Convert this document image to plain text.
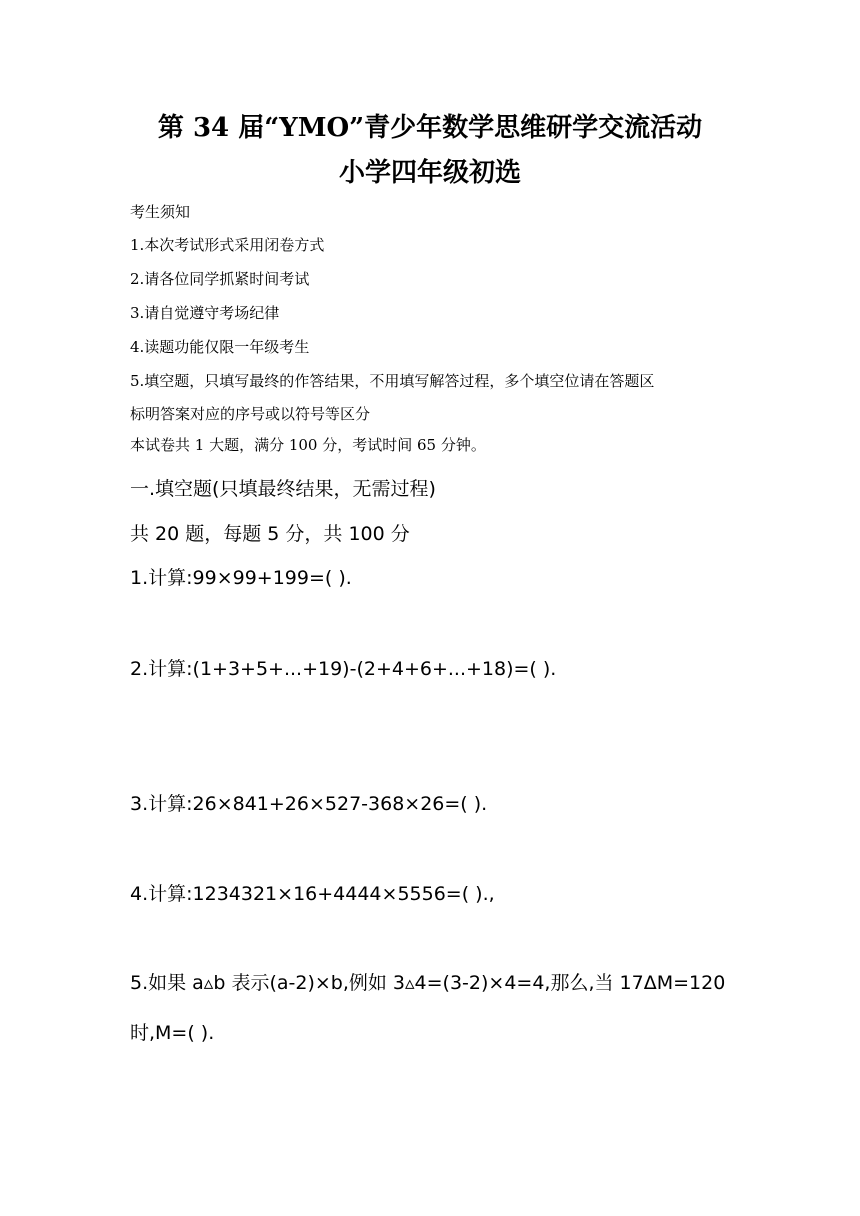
第 34 届“YMO”青少年数学思维研学交流活动
小学四年级初选
考生须知
1.本次考试形式采用闭卷方式
2.请各位同学抓紧时间考试
3.请自觉遵守考场纪律
4.读题功能仅限一年级考生
5.填空题，只填写最终的作答结果，不用填写解答过程，多个填空位请在答题区
标明答案对应的序号或以符号等区分
本试卷共 1 大题，满分 100 分，考试时间 65 分钟。
一.填空题(只填最终结果，无需过程)
共 20 题，每题 5 分，共 100 分
1.计算:99×99+199=( ).
2.计算:(1+3+5+...+19)-(2+4+6+...+18)=( ).
3.计算:26×841+26×527-368×26=( ).
4.计算:1234321×16+4444×5556=( ).,
5.如果 a▵b 表示(a-2)×b,例如 3▵4=(3-2)×4=4,那么,当 17ΔM=120
时,M=( ).
